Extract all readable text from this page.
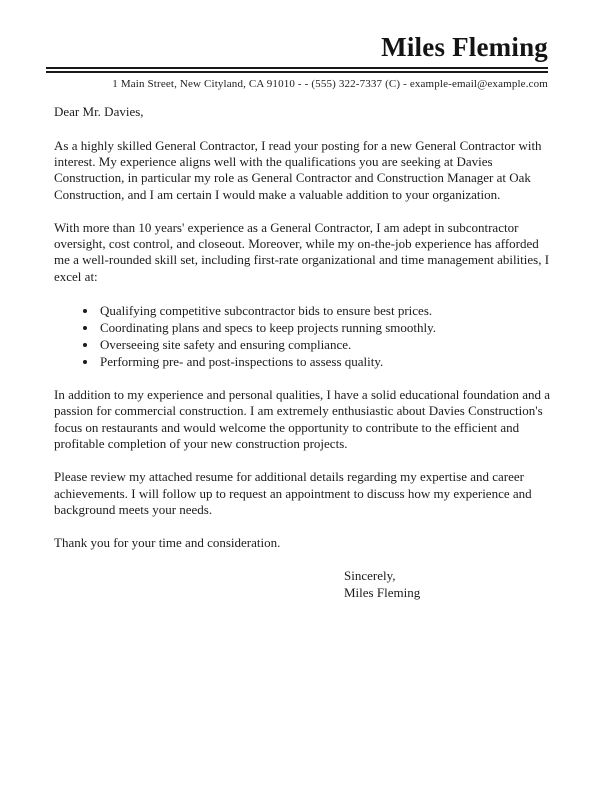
Miles Fleming
1 Main Street, New Cityland, CA 91010 - - (555) 322-7337 (C) - example-email@example.com

Dear Mr. Davies,

As a highly skilled General Contractor, I read your posting for a new General Contractor with interest. My experience aligns well with the qualifications you are seeking at Davies Construction, in particular my role as General Contractor and Construction Manager at Oak Construction, and I am certain I would make a valuable addition to your organization.

With more than 10 years' experience as a General Contractor, I am adept in subcontractor oversight, cost control, and closeout. Moreover, while my on-the-job experience has afforded me a well-rounded skill set, including first-rate organizational and time management abilities, I excel at:

• Qualifying competitive subcontractor bids to ensure best prices.
• Coordinating plans and specs to keep projects running smoothly.
• Overseeing site safety and ensuring compliance.
• Performing pre- and post-inspections to assess quality.

In addition to my experience and personal qualities, I have a solid educational foundation and a passion for commercial construction. I am extremely enthusiastic about Davies Construction's focus on restaurants and would welcome the opportunity to contribute to the efficient and profitable completion of your new construction projects.

Please review my attached resume for additional details regarding my expertise and career achievements. I will follow up to request an appointment to discuss how my experience and background meets your needs.

Thank you for your time and consideration.

Sincerely,

Miles Fleming
